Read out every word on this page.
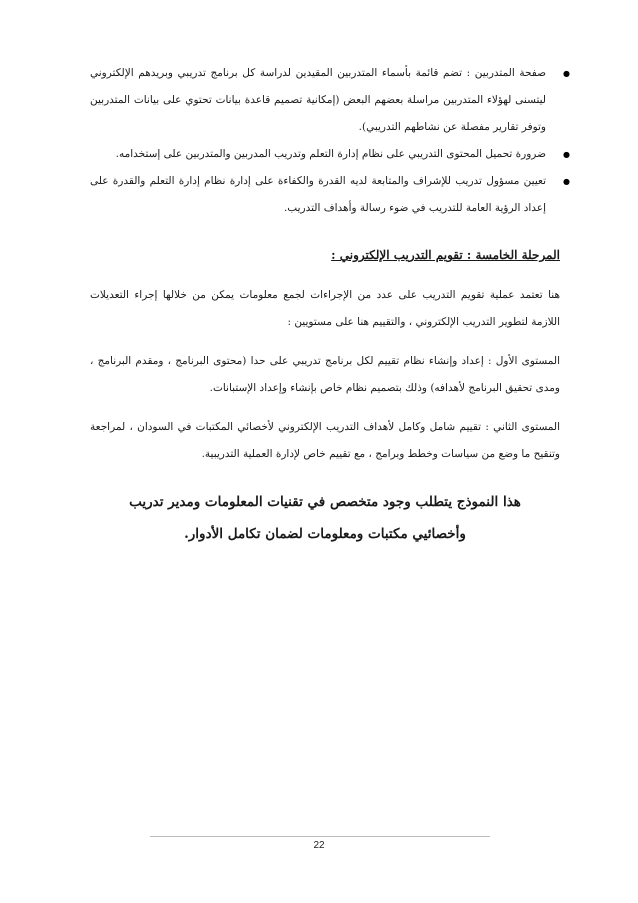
● صفحة المتدربين : تضم قائمة بأسماء المتدربين المقيدين لدراسة كل برنامج تدريبي وبريدهم الإلكتروني ليتسنى لهؤلاء المتدربين مراسلة بعضهم البعض (إمكانية تصميم قاعدة بيانات تحتوي على بيانات المتدربين وتوفر تقارير مفصلة عن نشاطهم التدريبي).
● ضرورة تحميل المحتوى التدريبي على نظام إدارة التعلم وتدريب المدربين والمتدربين على إستخدامه.
● تعيين مسؤول تدريب للإشراف والمتابعة لديه القدرة والكفاءة على إدارة نظام إدارة التعلم والقدرة على إعداد الرؤية العامة للتدريب في ضوء رسالة وأهداف التدريب.
المرحلة الخامسة : تقويم التدريب الإلكتروني :

هنا تعتمد عملية تقويم التدريب على عدد من الإجراءات لجمع معلومات يمكن من خلالها إجراء التعديلات اللازمة لتطوير التدريب الإلكتروني ، والتقييم هنا على مستويين :

المستوى الأول : إعداد وإنشاء نظام تقييم لكل برنامج تدريبي على حدا (محتوى البرنامج ، ومقدم البرنامج ، ومدى تحقيق البرنامج لأهدافه) وذلك بتصميم نظام خاص بإنشاء وإعداد الإستبانات.

المستوى الثاني : تقييم شامل وكامل لأهداف التدريب الإلكتروني لأخصائي المكتبات في السودان ، لمراجعة وتنقيح ما وضع من سياسات وخطط وبرامج ، مع تقييم خاص لإدارة العملية التدريبية.

هذا النموذج يتطلب وجود متخصص في تقنيات المعلومات ومدير تدريب وأخصائيي مكتبات ومعلومات لضمان تكامل الأدوار.

22
